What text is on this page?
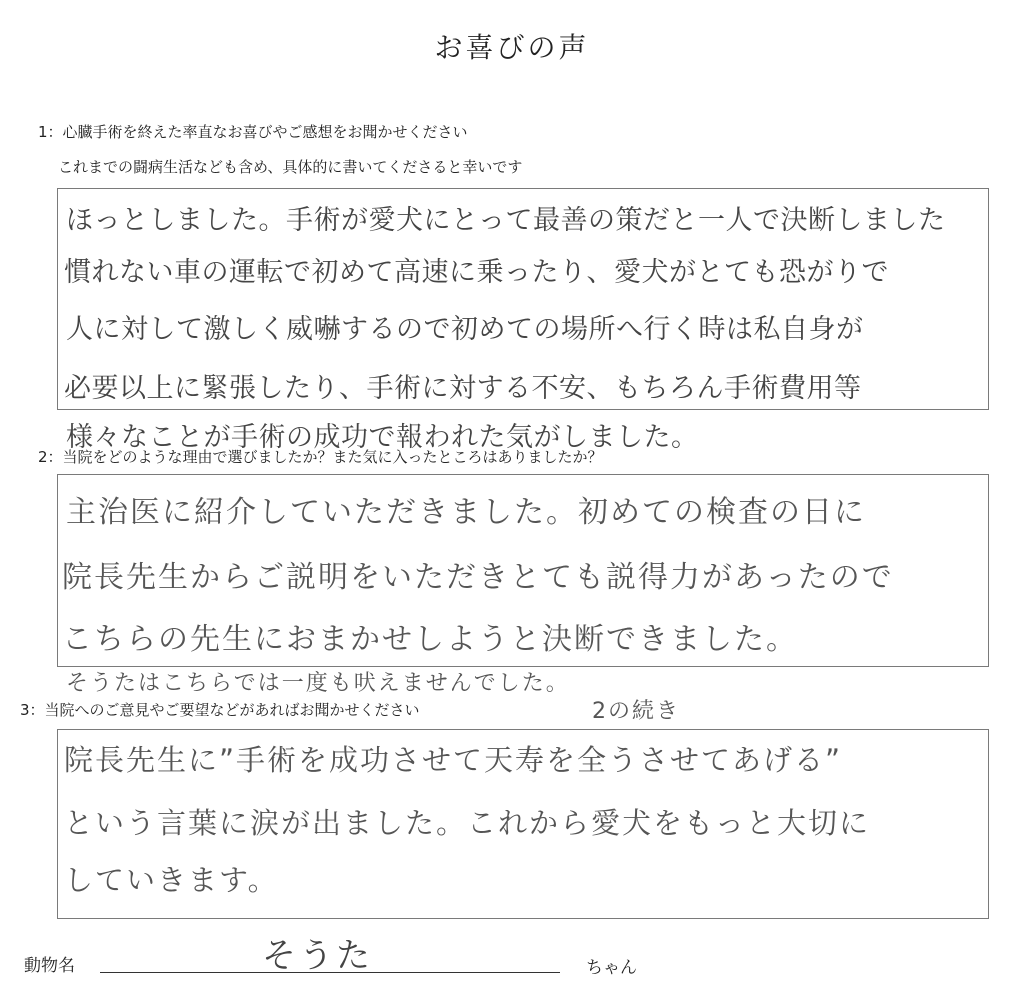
お喜びの声
1：心臓手術を終えた率直なお喜びやご感想をお聞かせください
これまでの闘病生活なども含め、具体的に書いてくださると幸いです
ほっとしました。手術が愛犬にとって最善の策だと一人で決断しました
慣れない車の運転で初めて高速に乗ったり、愛犬がとても恐がりで
人に対して激しく威嚇するので初めての場所へ行く時は私自身が
必要以上に緊張したり、手術に対する不安、もちろん手術費用等
様々なことが手術の成功で報われた気がしました。
2：当院をどのような理由で選びましたか？また気に入ったところはありましたか？
主治医に紹介していただきました。初めての検査の日に
院長先生からご説明をいただきとても説得力があったので
こちらの先生におまかせしようと決断できました。
そうたはこちらでは一度も吠えませんでした。
3：当院へのご意見やご要望などがあればお聞かせください	2の続き
院長先生に”手術を成功させて天寿を全うさせてあげる”
という言葉に涙が出ました。これから愛犬をもっと大切に
していきます。
動物名	そうた	ちゃん
